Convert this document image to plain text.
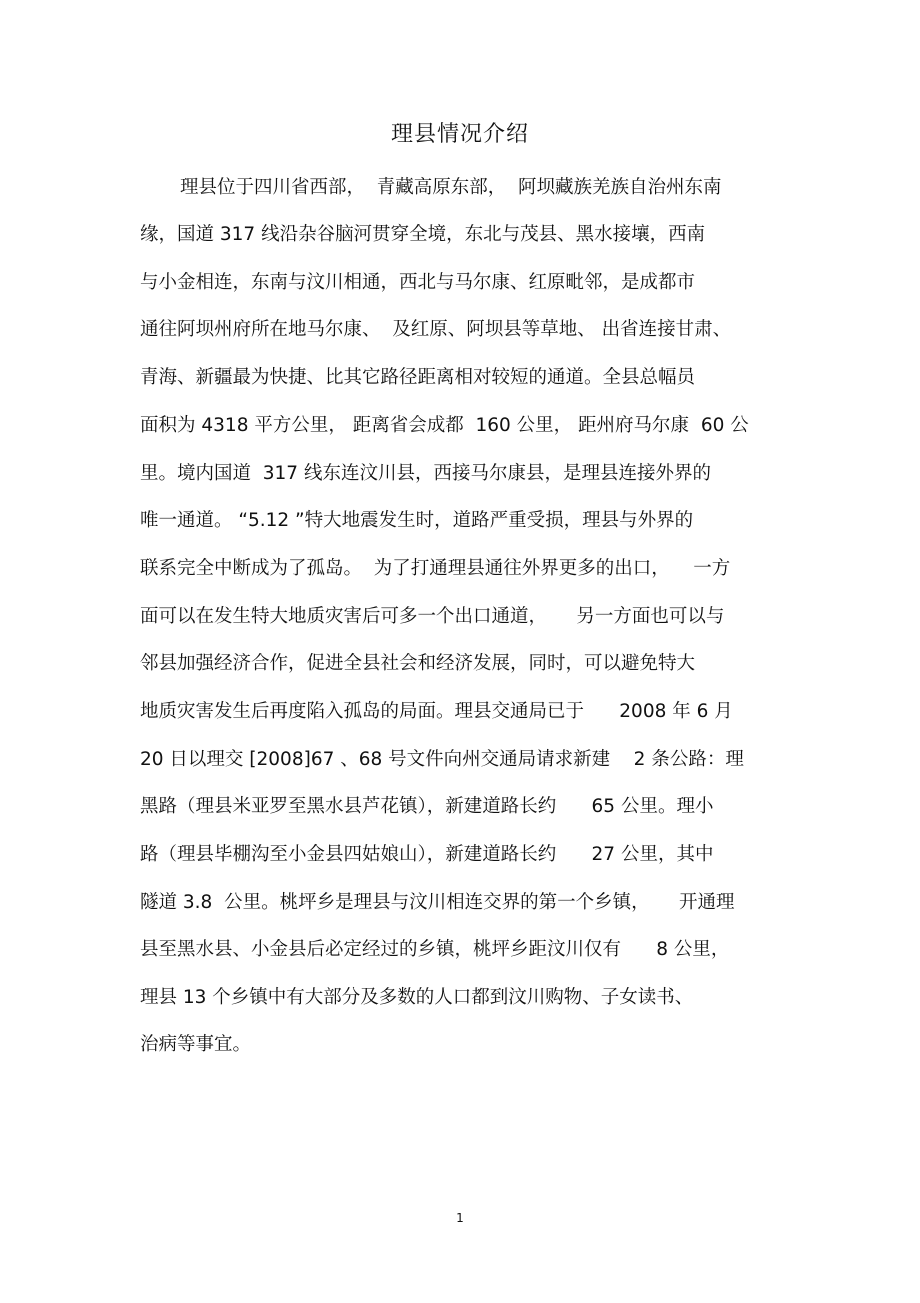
理县情况介绍
理县位于四川省西部，  青藏高原东部，  阿坝藏族羌族自治州东南
缘，国道 317 线沿杂谷脑河贯穿全境，东北与茂县、黑水接壤，西南
与小金相连，东南与汶川相通，西北与马尔康、红原毗邻，是成都市
通往阿坝州府所在地马尔康、  及红原、阿坝县等草地、 出省连接甘肃、
青海、新疆最为快捷、比其它路径距离相对较短的通道。全县总幅员
面积为 4318 平方公里， 距离省会成都  160 公里， 距州府马尔康  60 公
里。境内国道  317 线东连汶川县，西接马尔康县，是理县连接外界的
唯一通道。 “5.12 ”特大地震发生时，道路严重受损，理县与外界的
联系完全中断成为了孤岛。  为了打通理县通往外界更多的出口，    一方
面可以在发生特大地质灾害后可多一个出口通道，     另一方面也可以与
邻县加强经济合作，促进全县社会和经济发展，同时，可以避免特大
地质灾害发生后再度陷入孤岛的局面。理县交通局已于      2008 年 6 月
20 日以理交 [2008]67 、68 号文件向州交通局请求新建    2 条公路：理
黑路（理县米亚罗至黑水县芦花镇），新建道路长约      65 公里。理小
路（理县毕棚沟至小金县四姑娘山），新建道路长约      27 公里，其中
隧道 3.8  公里。桃坪乡是理县与汶川相连交界的第一个乡镇，     开通理
县至黑水县、小金县后必定经过的乡镇，桃坪乡距汶川仅有      8 公里，
理县 13 个乡镇中有大部分及多数的人口都到汶川购物、子女读书、
治病等事宜。
1
